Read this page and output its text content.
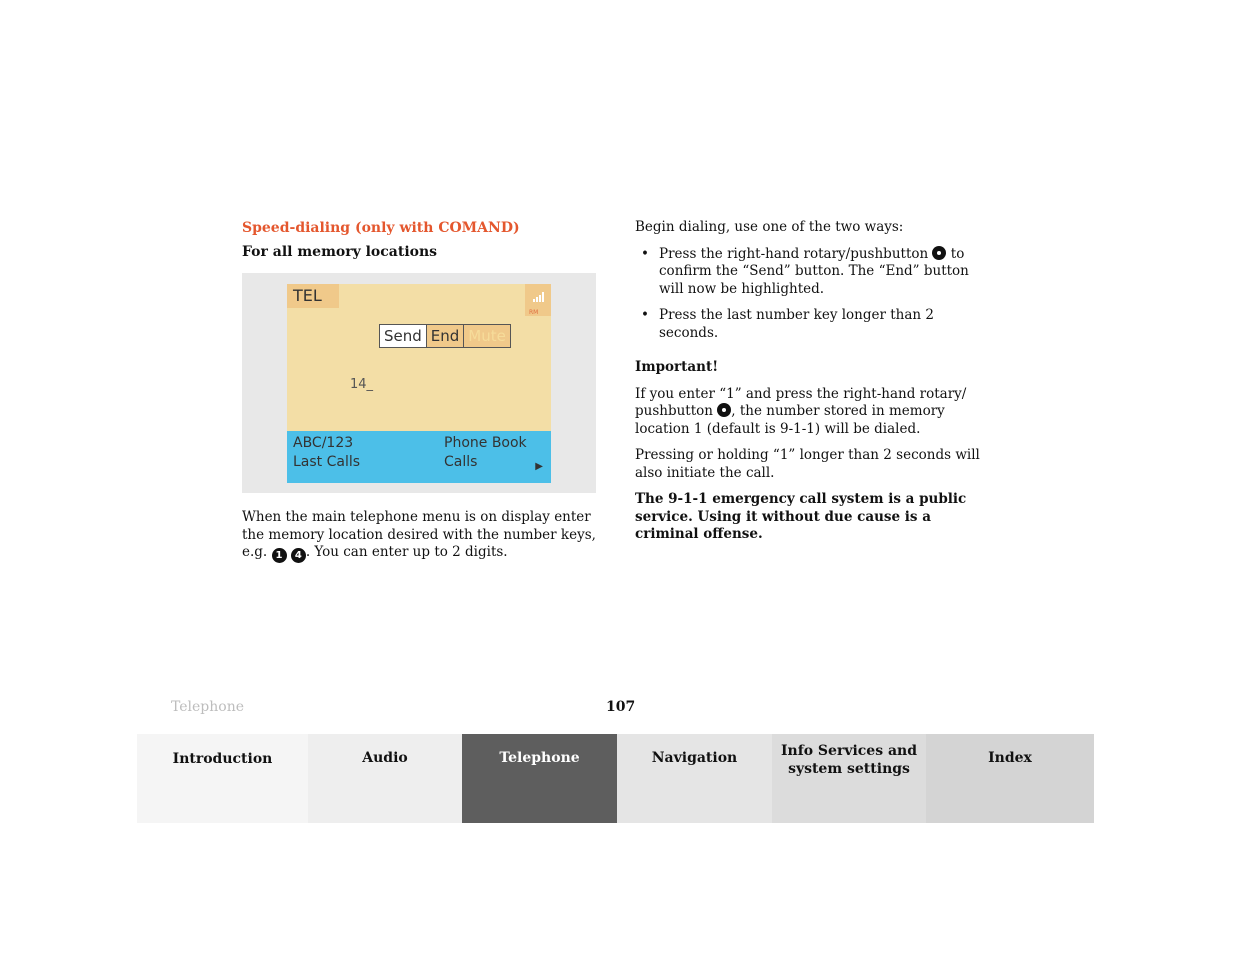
Speed-dialing (only with COMAND)
For all memory locations
TEL
RM
Send End Mute
14_
ABC/123	Phone Book
Last Calls	Calls	▶
When the main telephone menu is on display enter the memory location desired with the number keys, e.g. 1 4 . You can enter up to 2 digits.

Begin dialing, use one of the two ways:

• Press the right-hand rotary/pushbutton  to confirm the “Send” button. The “End” button will now be highlighted.
• Press the last number key longer than 2 seconds.

Important!

If you enter “1” and press the right-hand rotary/ pushbutton , the number stored in memory location 1 (default is 9-1-1) will be dialed.

Pressing or holding “1” longer than 2 seconds will also initiate the call.

The 9-1-1 emergency call system is a public service. Using it without due cause is a criminal offense.

Telephone	107
Introduction	Audio	Telephone	Navigation	Info Services and
system settings
Index
